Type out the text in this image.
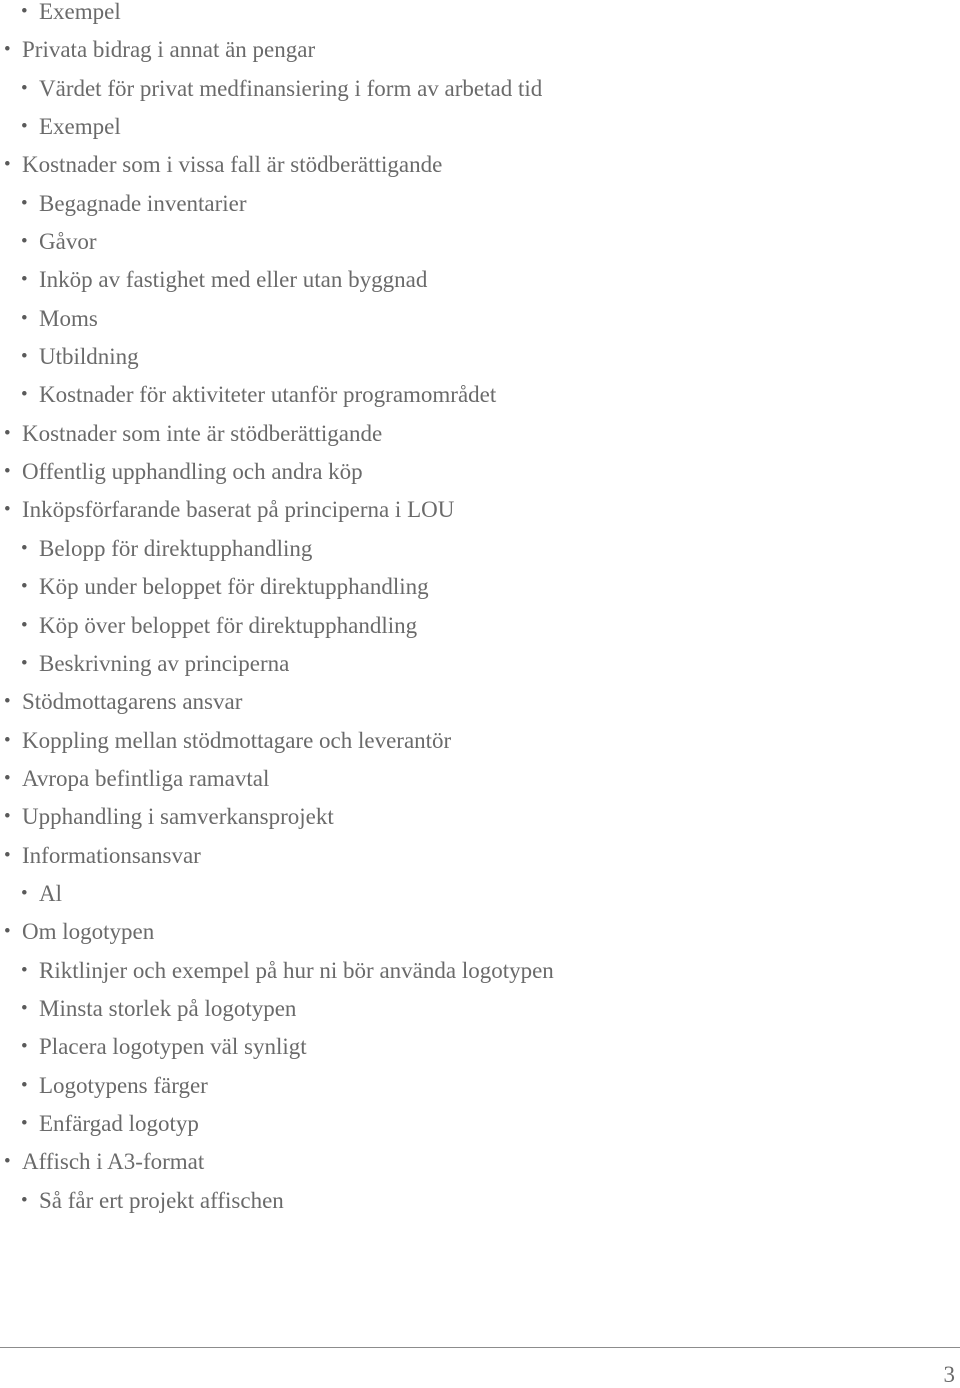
• Exempel
• Privata bidrag i annat än pengar
• Värdet för privat medfinansiering i form av arbetad tid
• Exempel
• Kostnader som i vissa fall är stödberättigande
• Begagnade inventarier
• Gåvor
• Inköp av fastighet med eller utan byggnad
• Moms
• Utbildning
• Kostnader för aktiviteter utanför programområdet
• Kostnader som inte är stödberättigande
• Offentlig upphandling och andra köp
• Inköpsförfarande baserat på principerna i LOU
• Belopp för direktupphandling
• Köp under beloppet för direktupphandling
• Köp över beloppet för direktupphandling
• Beskrivning av principerna
• Stödmottagarens ansvar
• Koppling mellan stödmottagare och leverantör
• Avropa befintliga ramavtal
• Upphandling i samverkansprojekt
• Informationsansvar
• Al
• Om logotypen
• Riktlinjer och exempel på hur ni bör använda logotypen
• Minsta storlek på logotypen
• Placera logotypen väl synligt
• Logotypens färger
• Enfärgad logotyp
• Affisch i A3-format
• Så får ert projekt affischen
3
